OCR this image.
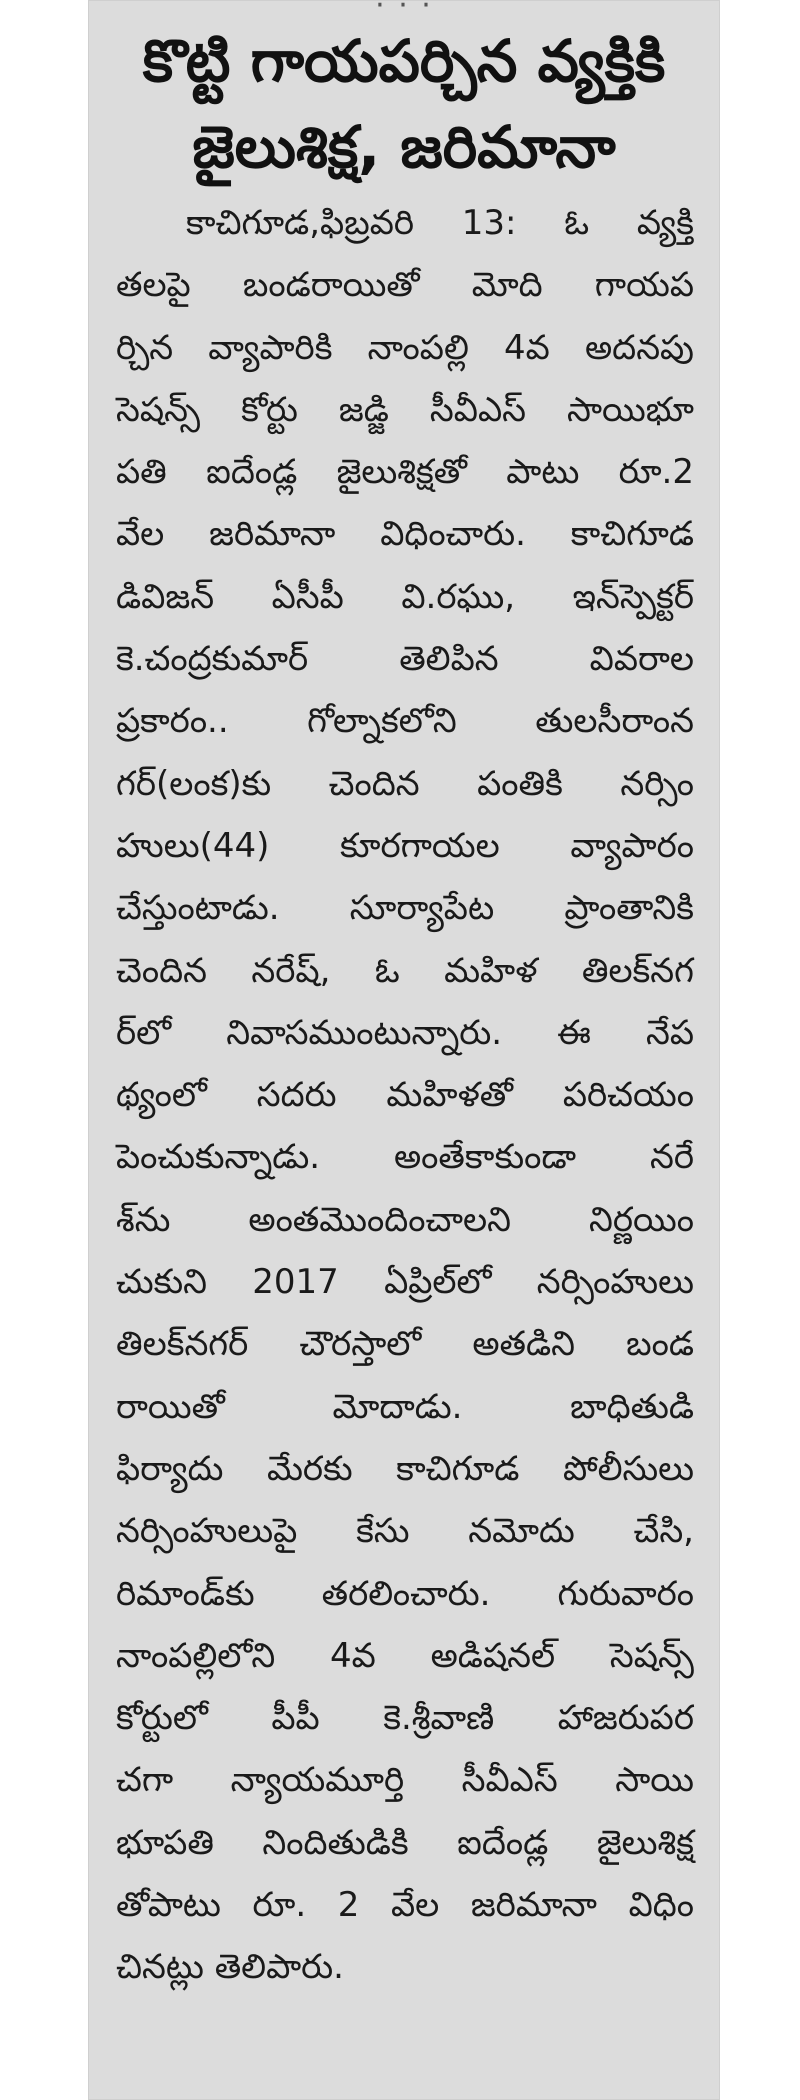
· · ·
కొట్టి గాయపర్చిన వ్యక్తికి
జైలుశిక్ష, జరిమానా
కాచిగూడ,ఫిబ్రవరి 13: ఓ వ్యక్తి
తలపై బండరాయితో మోది గాయప
ర్చిన వ్యాపారికి నాంపల్లి 4వ అదనపు
సెషన్స్ కోర్టు జడ్జి సీవీఎస్ సాయిభూ
పతి ఐదేండ్ల జైలుశిక్షతో పాటు రూ.2
వేల జరిమానా విధించారు. కాచిగూడ
డివిజన్ ఏసీపీ వి.రఘు, ఇన్‌స్పెక్టర్
కె.చంద్రకుమార్ తెలిపిన వివరాల
ప్రకారం.. గోల్నాకలోని తులసీరాంన
గర్(లంక)కు చెందిన పంతికి నర్సిం
హులు(44) కూరగాయల వ్యాపారం
చేస్తుంటాడు. సూర్యాపేట ప్రాంతానికి
చెందిన నరేష్, ఓ మహిళ తిలక్‌నగ
ర్‌లో నివాసముంటున్నారు. ఈ నేప
థ్యంలో సదరు మహిళతో పరిచయం
పెంచుకున్నాడు. అంతేకాకుండా నరే
శ్‌ను అంతమొందించాలని నిర్ణయిం
చుకుని 2017 ఏప్రిల్‌లో నర్సింహులు
తిలక్‌నగర్ చౌరస్తాలో అతడిని బండ
రాయితో మోదాడు. బాధితుడి
ఫిర్యాదు మేరకు కాచిగూడ పోలీసులు
నర్సింహులుపై కేసు నమోదు చేసి,
రిమాండ్‌కు తరలించారు. గురువారం
నాంపల్లిలోని 4వ అడిషనల్ సెషన్స్
కోర్టులో పీపీ కె.శ్రీవాణి హాజరుపర
చగా న్యాయమూర్తి సీవీఎస్ సాయి
భూపతి నిందితుడికి ఐదేండ్ల జైలుశిక్ష
తోపాటు రూ. 2 వేల జరిమానా విధిం
చినట్లు తెలిపారు.
